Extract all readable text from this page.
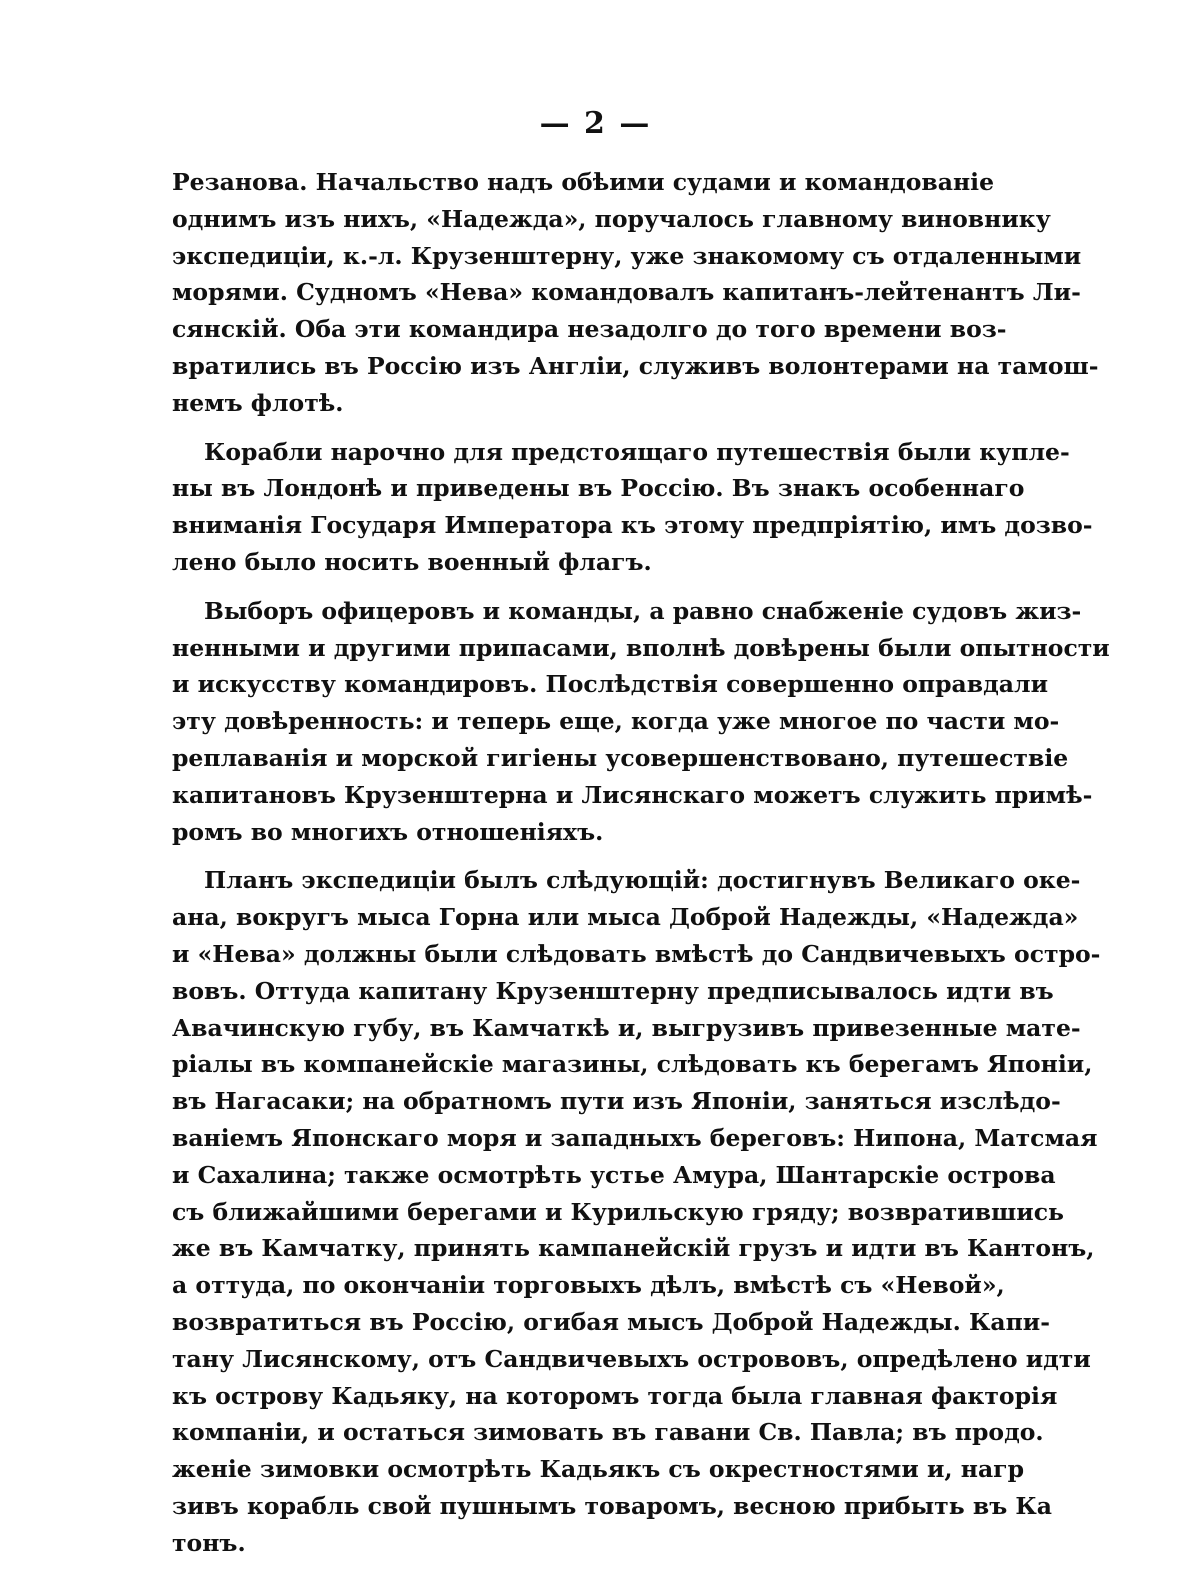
— 2 —
Резанова. Начальство надъ обѣими судами и командованіе
однимъ изъ нихъ, «Надежда», поручалось главному виновнику
экспедиціи, к.-л. Крузенштерну, уже знакомому съ отдаленными
морями. Судномъ «Нева» командовалъ капитанъ-лейтенантъ Ли-
сянскій. Оба эти командира незадолго до того времени воз-
вратились въ Россію изъ Англіи, служивъ волонтерами на тамош-
немъ флотѣ.
Корабли нарочно для предстоящаго путешествія были купле-
ны въ Лондонѣ и приведены въ Россію. Въ знакъ особеннаго
вниманія Государя Императора къ этому предпріятію, имъ дозво-
лено было носить военный флагъ.
Выборъ офицеровъ и команды, а равно снабженіе судовъ жиз-
ненными и другими припасами, вполнѣ довѣрены были опытности
и искусству командировъ. Послѣдствія совершенно оправдали
эту довѣренность: и теперь еще, когда уже многое по части мо-
реплаванія и морской гигіены усовершенствовано, путешествіе
капитановъ Крузенштерна и Лисянскаго можетъ служить примѣ-
ромъ во многихъ отношеніяхъ.
Планъ экспедиціи былъ слѣдующій: достигнувъ Великаго оке-
ана, вокругъ мыса Горна или мыса Доброй Надежды, «Надежда»
и «Нева» должны были слѣдовать вмѣстѣ до Сандвичевыхъ остро-
вовъ. Оттуда капитану Крузенштерну предписывалось идти въ
Авачинскую губу, въ Камчаткѣ и, выгрузивъ привезенные мате-
ріалы въ компанейскіе магазины, слѣдовать къ берегамъ Японіи,
въ Нагасаки; на обратномъ пути изъ Японіи, заняться изслѣдо-
ваніемъ Японскаго моря и западныхъ береговъ: Нипона, Матсмая
и Сахалина; также осмотрѣть устье Амура, Шантарскіе острова
съ ближайшими берегами и Курильскую гряду; возвратившись
же въ Камчатку, принять кампанейскій грузъ и идти въ Кантонъ,
а оттуда, по окончаніи торговыхъ дѣлъ, вмѣстѣ съ «Невой»,
возвратиться въ Россію, огибая мысъ Доброй Надежды. Капи-
тану Лисянскому, отъ Сандвичевыхъ острововъ, опредѣлено идти
къ острову Кадьяку, на которомъ тогда была главная факторія
компаніи, и остаться зимовать въ гавани Св. Павла; въ продо.
женіе зимовки осмотрѣть Кадьякъ съ окрестностями и, нагр
зивъ корабль свой пушнымъ товаромъ, весною прибыть въ Ка
тонъ.
